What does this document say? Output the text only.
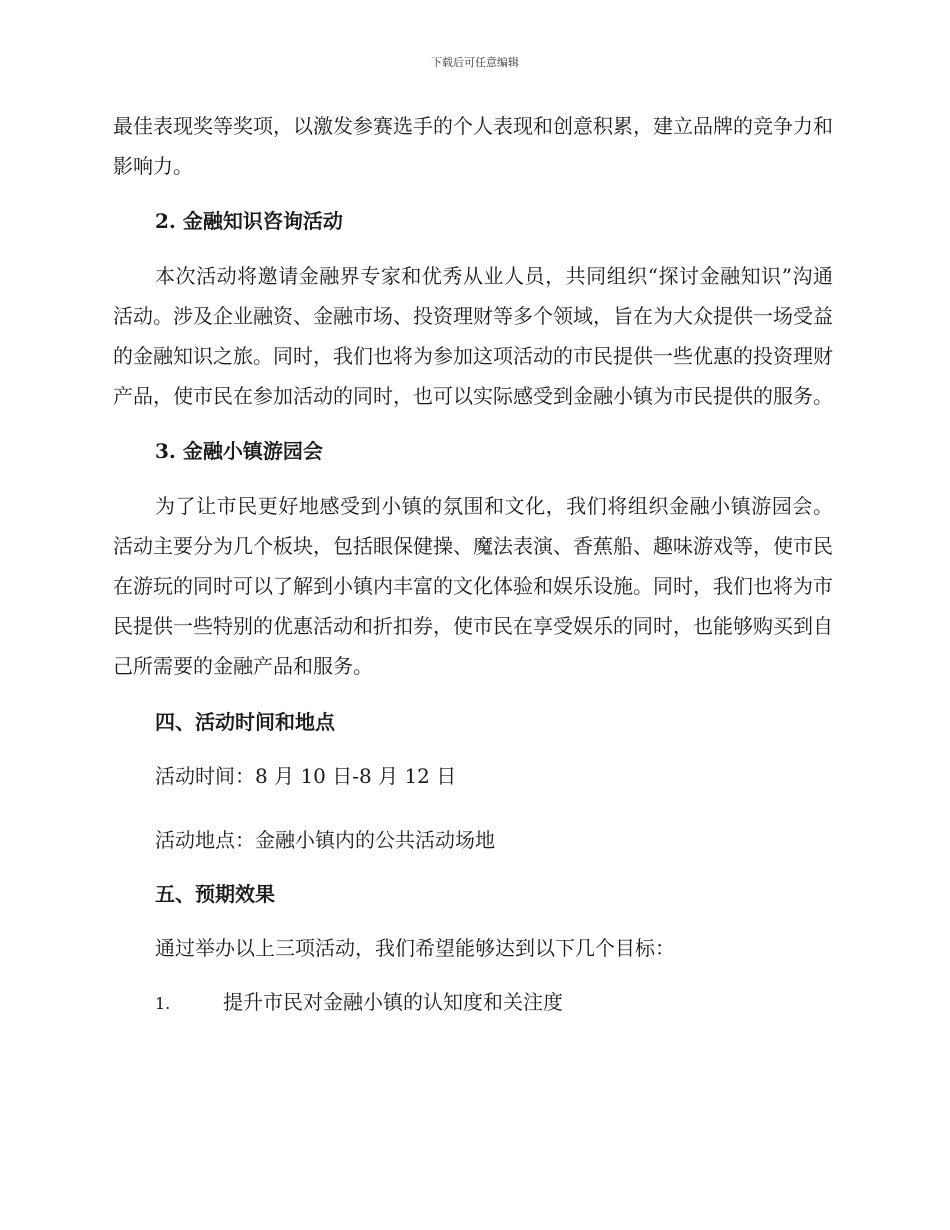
下载后可任意编辑

最佳表现奖等奖项，以激发参赛选手的个人表现和创意积累，建立品牌的竞争力和影响力。

2. 金融知识咨询活动

本次活动将邀请金融界专家和优秀从业人员，共同组织“探讨金融知识”沟通活动。涉及企业融资、金融市场、投资理财等多个领域，旨在为大众提供一场受益的金融知识之旅。同时，我们也将为参加这项活动的市民提供一些优惠的投资理财产品，使市民在参加活动的同时，也可以实际感受到金融小镇为市民提供的服务。

3. 金融小镇游园会

为了让市民更好地感受到小镇的氛围和文化，我们将组织金融小镇游园会。活动主要分为几个板块，包括眼保健操、魔法表演、香蕉船、趣味游戏等，使市民在游玩的同时可以了解到小镇内丰富的文化体验和娱乐设施。同时，我们也将为市民提供一些特别的优惠活动和折扣券，使市民在享受娱乐的同时，也能够购买到自己所需要的金融产品和服务。

四、活动时间和地点

活动时间：8 月 10 日-8 月 12 日

活动地点：金融小镇内的公共活动场地

五、预期效果

通过举办以上三项活动，我们希望能够达到以下几个目标：

1.	提升市民对金融小镇的认知度和关注度
